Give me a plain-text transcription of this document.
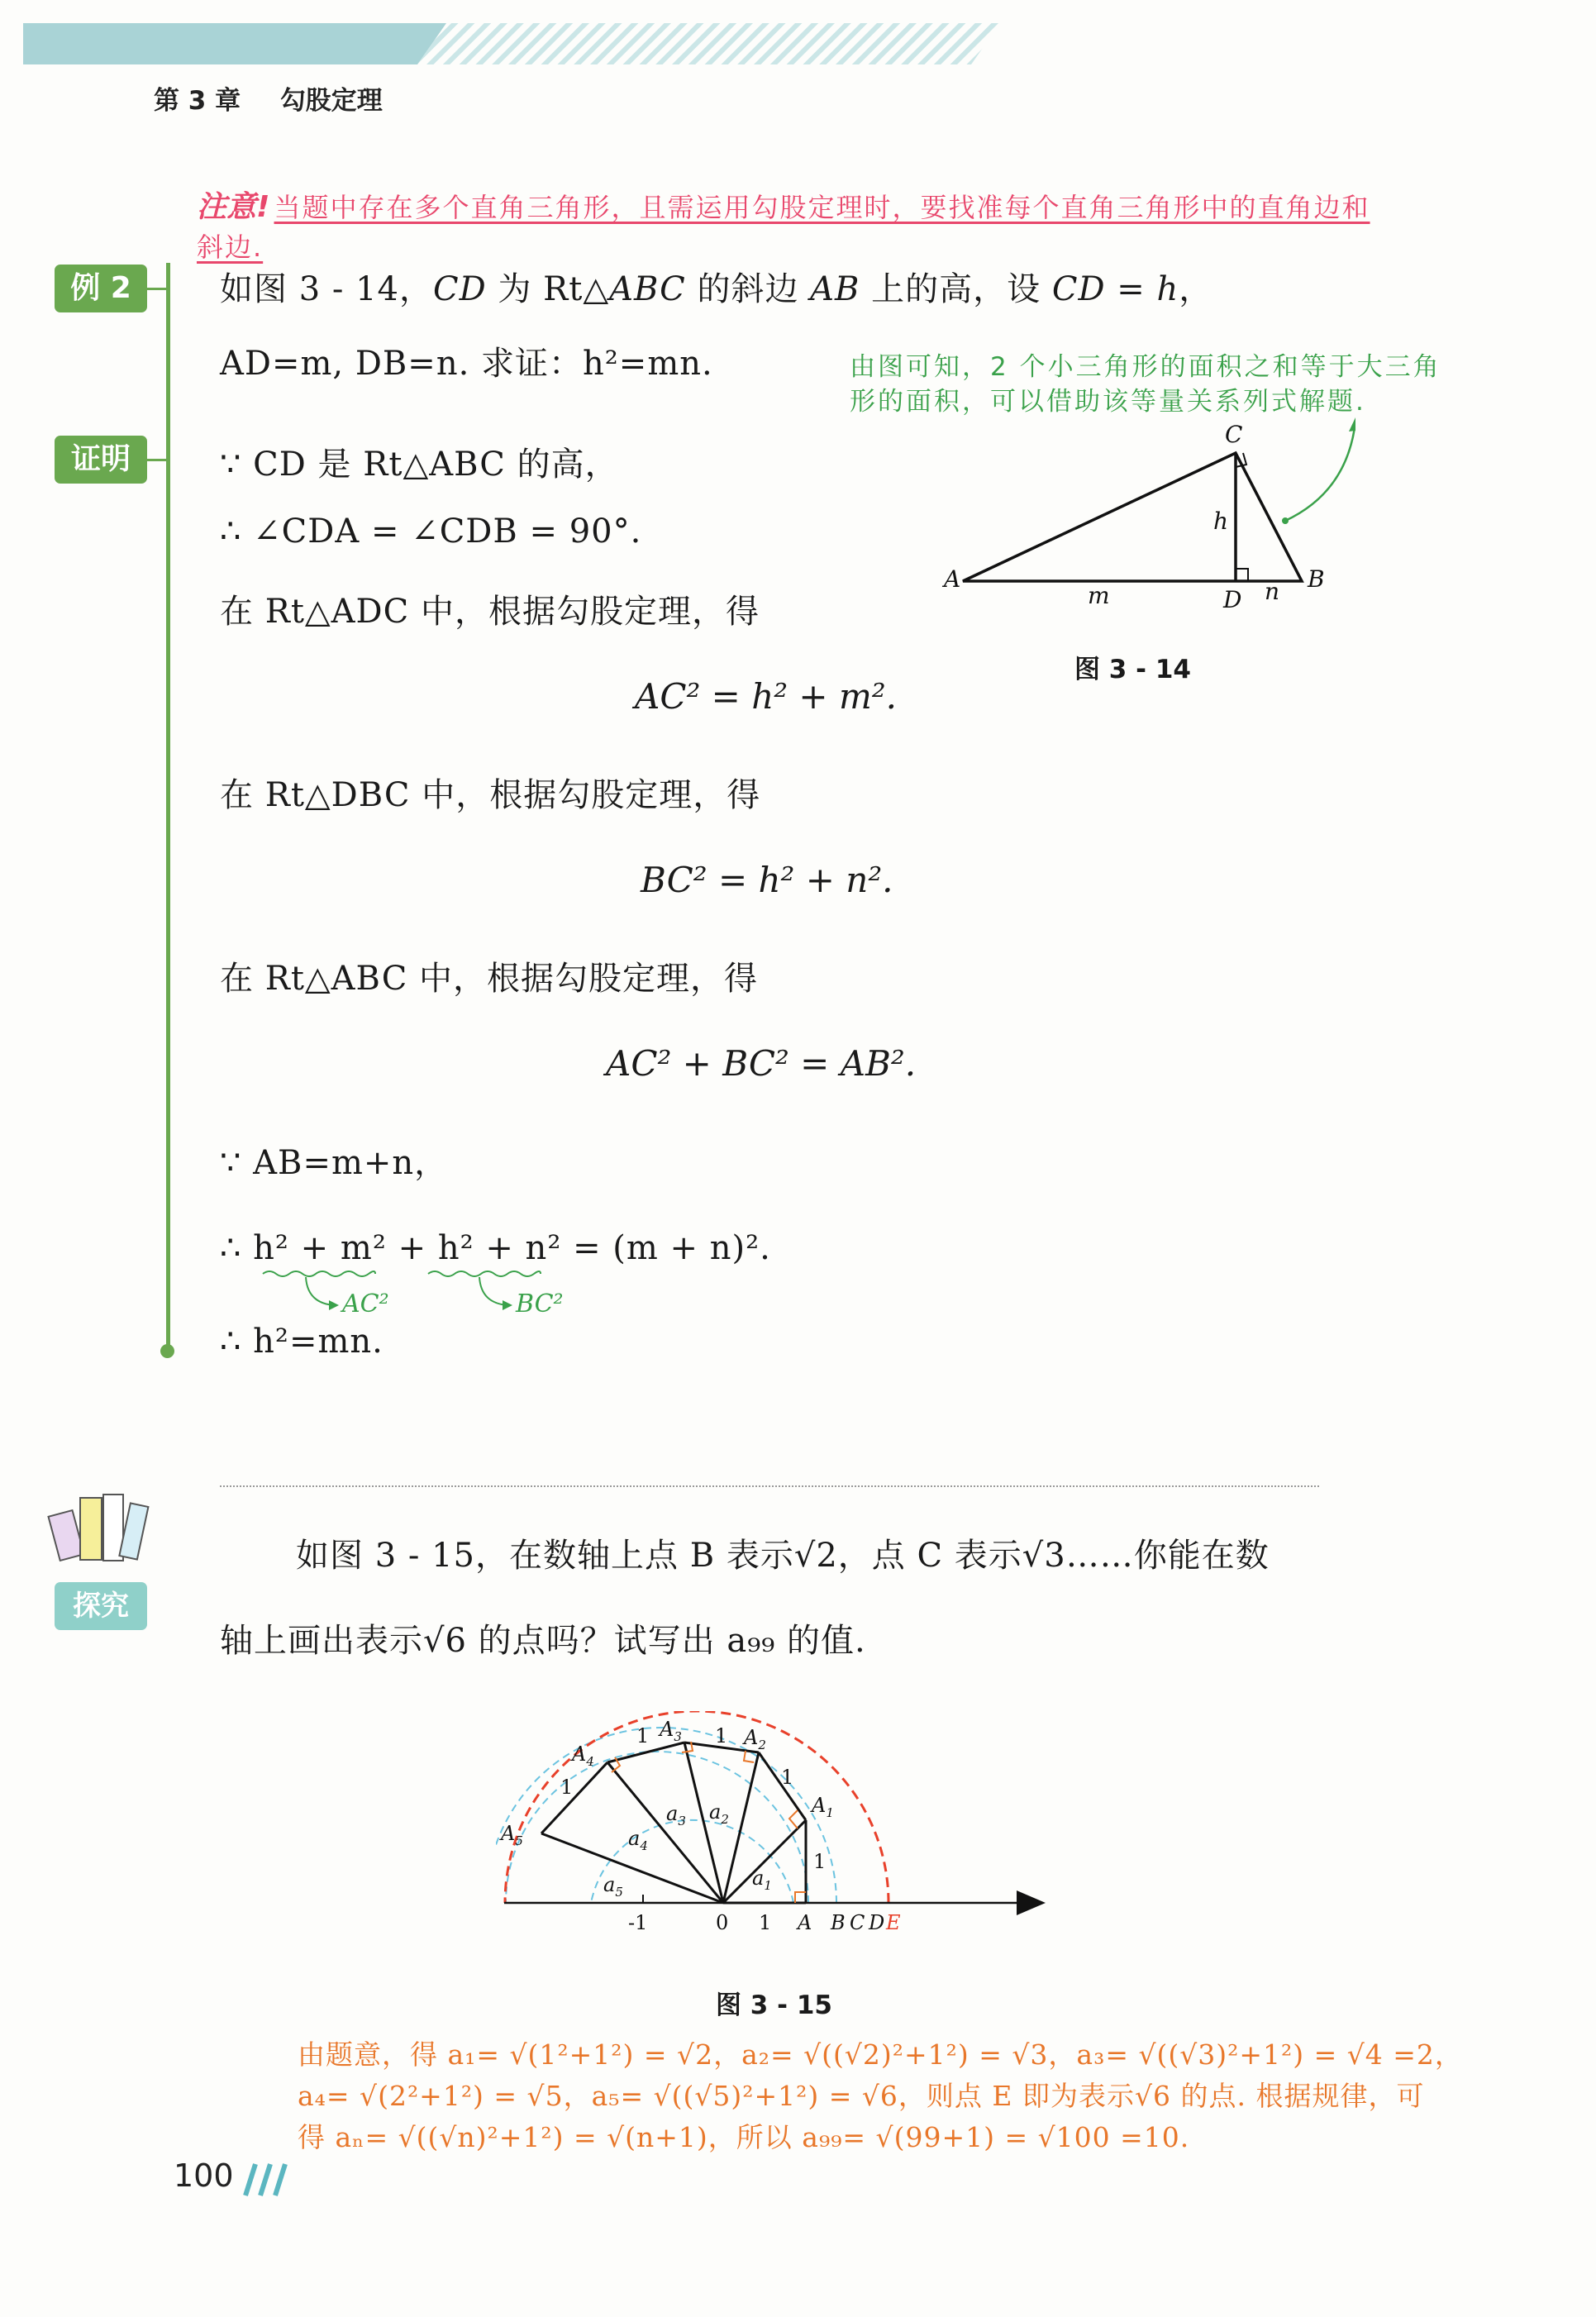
第 3 章 勾股定理
注意! 当题中存在多个直角三角形，且需运用勾股定理时，要找准每个直角三角形中的直角边和
斜边.
例 2	如图 3 - 14，CD 为 Rt△ABC 的斜边 AB 上的高，设 CD = h，
AD=m, DB=n. 求证：h²=mn.	由图可知，2 个小三角形的面积之和等于大三角
形的面积，可以借助该等量关系列式解题.
A
C
B
D
h
m	n
图 3 - 14
证明	∵ CD 是 Rt△ABC 的高，
∴ ∠CDA = ∠CDB = 90°.
在 Rt△ADC 中，根据勾股定理，得
AC² = h² + m².
在 Rt△DBC 中，根据勾股定理，得
BC² = h² + n².
在 Rt△ABC 中，根据勾股定理，得
AC² + BC² = AB².
∵ AB=m+n，
∴ h² + m² + h² + n² = (m + n)².
AC²	BC²
∴ h²=mn.
探究
如图 3 - 15，在数轴上点 B 表示√2，点 C 表示√3……你能在数
轴上画出表示√6 的点吗？试写出 a₉₉ 的值.
$A_5$
$A_4$
$A_3$	$A_2$
$A_1$
1
1	1
1
1
$a_1$
$a_2$
$a_3$
$a_4$
$a_5$
-1	0 1 A B C D E
图 3 - 15
由题意，得 a₁= √(1²+1²) = √2，a₂= √((√2)²+1²) = √3，a₃= √((√3)²+1²) = √4 =2，
a₄= √(2²+1²) = √5，a₅= √((√5)²+1²) = √6，则点 E 即为表示√6 的点. 根据规律，可
得 aₙ= √((√n)²+1²) = √(n+1)，所以 a₉₉= √(99+1) = √100 =10.
100
